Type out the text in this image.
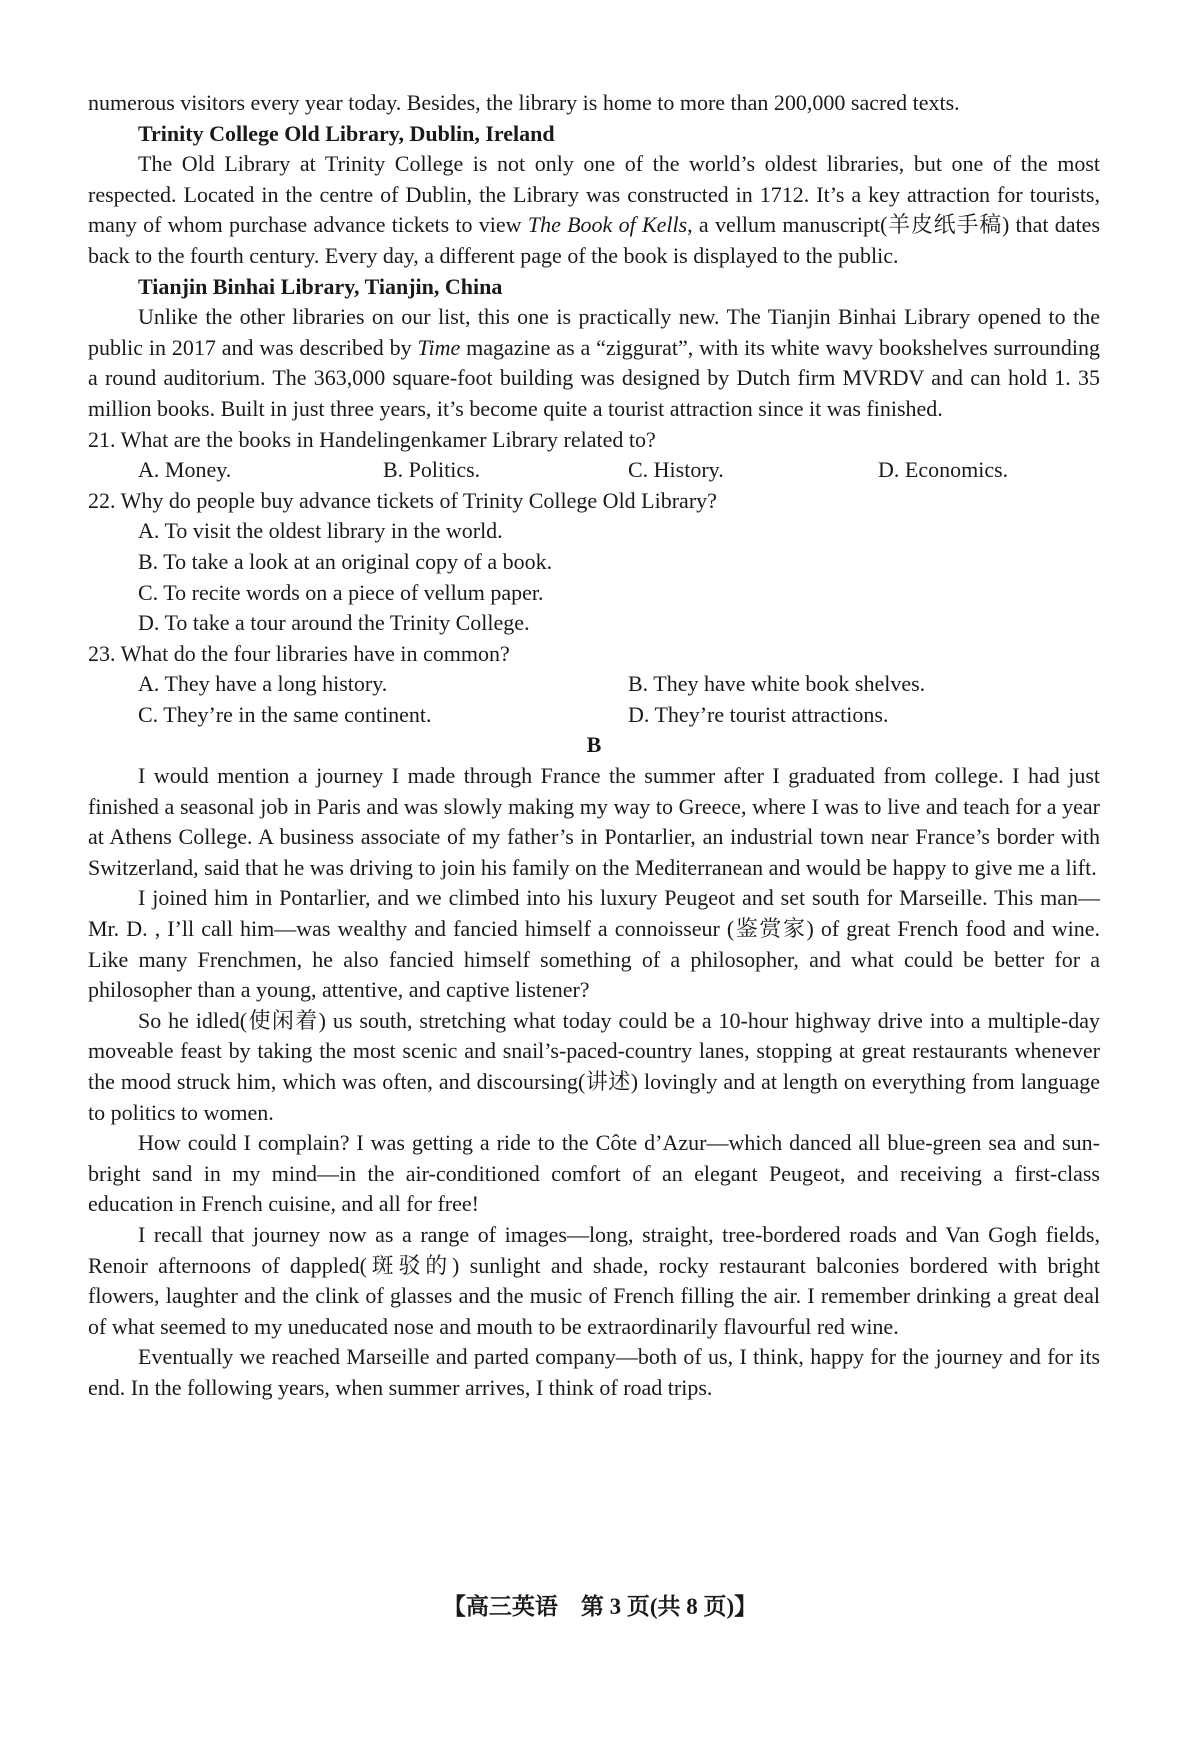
numerous visitors every year today. Besides, the library is home to more than 200,000 sacred texts.

Trinity College Old Library, Dublin, Ireland

The Old Library at Trinity College is not only one of the world’s oldest libraries, but one of the most respected. Located in the centre of Dublin, the Library was constructed in 1712. It’s a key attraction for tourists, many of whom purchase advance tickets to view The Book of Kells, a vellum manuscript(羊皮纸手稿) that dates back to the fourth century. Every day, a different page of the book is displayed to the public.

Tianjin Binhai Library, Tianjin, China

Unlike the other libraries on our list, this one is practically new. The Tianjin Binhai Library opened to the public in 2017 and was described by Time magazine as a “ziggurat”, with its white wavy bookshelves surrounding a round auditorium. The 363,000 square-foot building was designed by Dutch firm MVRDV and can hold 1. 35 million books. Built in just three years, it’s become quite a tourist attraction since it was finished.

21. What are the books in Handelingenkamer Library related to?

A. Money.	B. Politics.	C. History.	D. Economics.

22. Why do people buy advance tickets of Trinity College Old Library?

A. To visit the oldest library in the world.
B. To take a look at an original copy of a book.
C. To recite words on a piece of vellum paper.
D. To take a tour around the Trinity College.

23. What do the four libraries have in common?

A. They have a long history.	B. They have white book shelves.
C. They’re in the same continent.	D. They’re tourist attractions.

B

I would mention a journey I made through France the summer after I graduated from college. I had just finished a seasonal job in Paris and was slowly making my way to Greece, where I was to live and teach for a year at Athens College. A business associate of my father’s in Pontarlier, an industrial town near France’s border with Switzerland, said that he was driving to join his family on the Mediterranean and would be happy to give me a lift.

I joined him in Pontarlier, and we climbed into his luxury Peugeot and set south for Marseille. This man—Mr. D. , I’ll call him—was wealthy and fancied himself a connoisseur (鉴赏家) of great French food and wine. Like many Frenchmen, he also fancied himself something of a philosopher, and what could be better for a philosopher than a young, attentive, and captive listener?

So he idled(使闲着) us south, stretching what today could be a 10-hour highway drive into a multiple-day moveable feast by taking the most scenic and snail’s-paced-country lanes, stopping at great restaurants whenever the mood struck him, which was often, and discoursing(讲述) lovingly and at length on everything from language to politics to women.

How could I complain? I was getting a ride to the Côte d’Azur—which danced all blue-green sea and sun-bright sand in my mind—in the air-conditioned comfort of an elegant Peugeot, and receiving a first-class education in French cuisine, and all for free!

I recall that journey now as a range of images—long, straight, tree-bordered roads and Van Gogh fields, Renoir afternoons of dappled(斑驳的) sunlight and shade, rocky restaurant balconies bordered with bright flowers, laughter and the clink of glasses and the music of French filling the air. I remember drinking a great deal of what seemed to my uneducated nose and mouth to be extraordinarily flavourful red wine.

Eventually we reached Marseille and parted company—both of us, I think, happy for the journey and for its end. In the following years, when summer arrives, I think of road trips.

【高三英语　第 3 页(共 8 页)】
